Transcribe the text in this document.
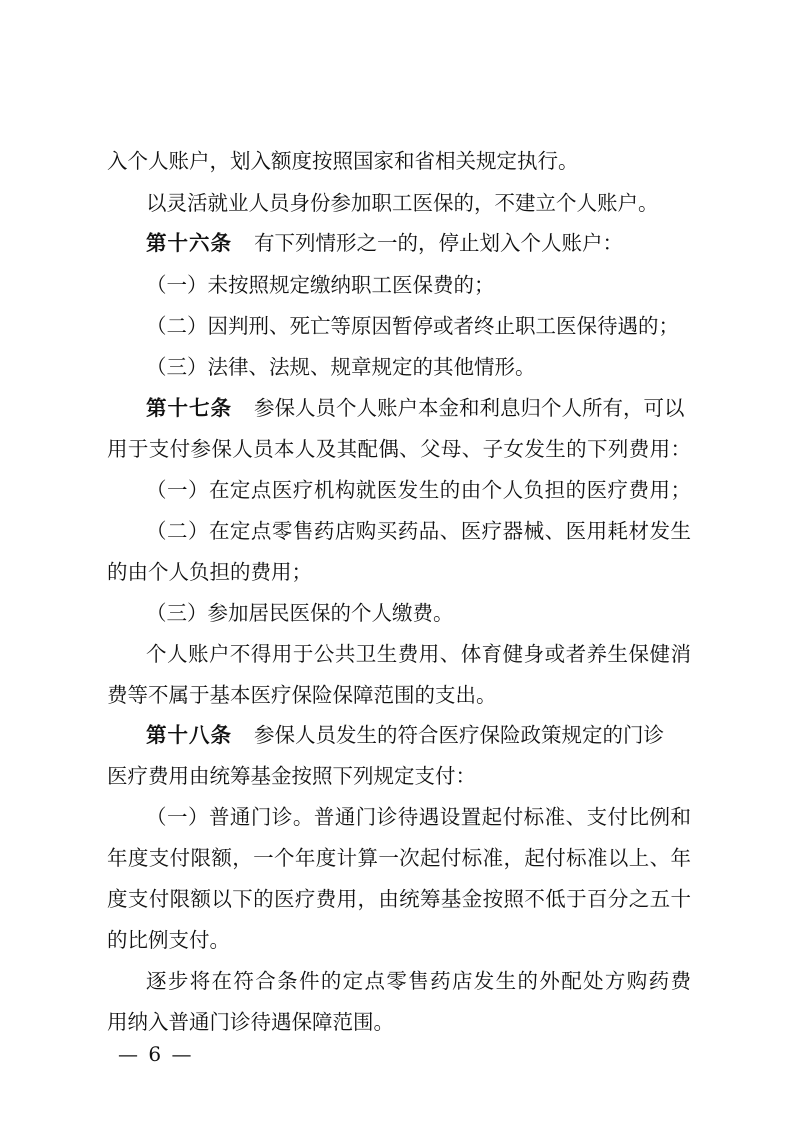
入个人账户，划入额度按照国家和省相关规定执行。
以灵活就业人员身份参加职工医保的，不建立个人账户。
第十六条 有下列情形之一的，停止划入个人账户：
（一）未按照规定缴纳职工医保费的；
（二）因判刑、死亡等原因暂停或者终止职工医保待遇的；
（三）法律、法规、规章规定的其他情形。
第十七条 参保人员个人账户本金和利息归个人所有，可以
用于支付参保人员本人及其配偶、父母、子女发生的下列费用：
（一）在定点医疗机构就医发生的由个人负担的医疗费用；
（二）在定点零售药店购买药品、医疗器械、医用耗材发生
的由个人负担的费用；
（三）参加居民医保的个人缴费。
个人账户不得用于公共卫生费用、体育健身或者养生保健消
费等不属于基本医疗保险保障范围的支出。
第十八条 参保人员发生的符合医疗保险政策规定的门诊
医疗费用由统筹基金按照下列规定支付：
（一）普通门诊。普通门诊待遇设置起付标准、支付比例和
年度支付限额，一个年度计算一次起付标准，起付标准以上、年
度支付限额以下的医疗费用，由统筹基金按照不低于百分之五十
的比例支付。
逐步将在符合条件的定点零售药店发生的外配处方购药费
用纳入普通门诊待遇保障范围。
— 6 —
